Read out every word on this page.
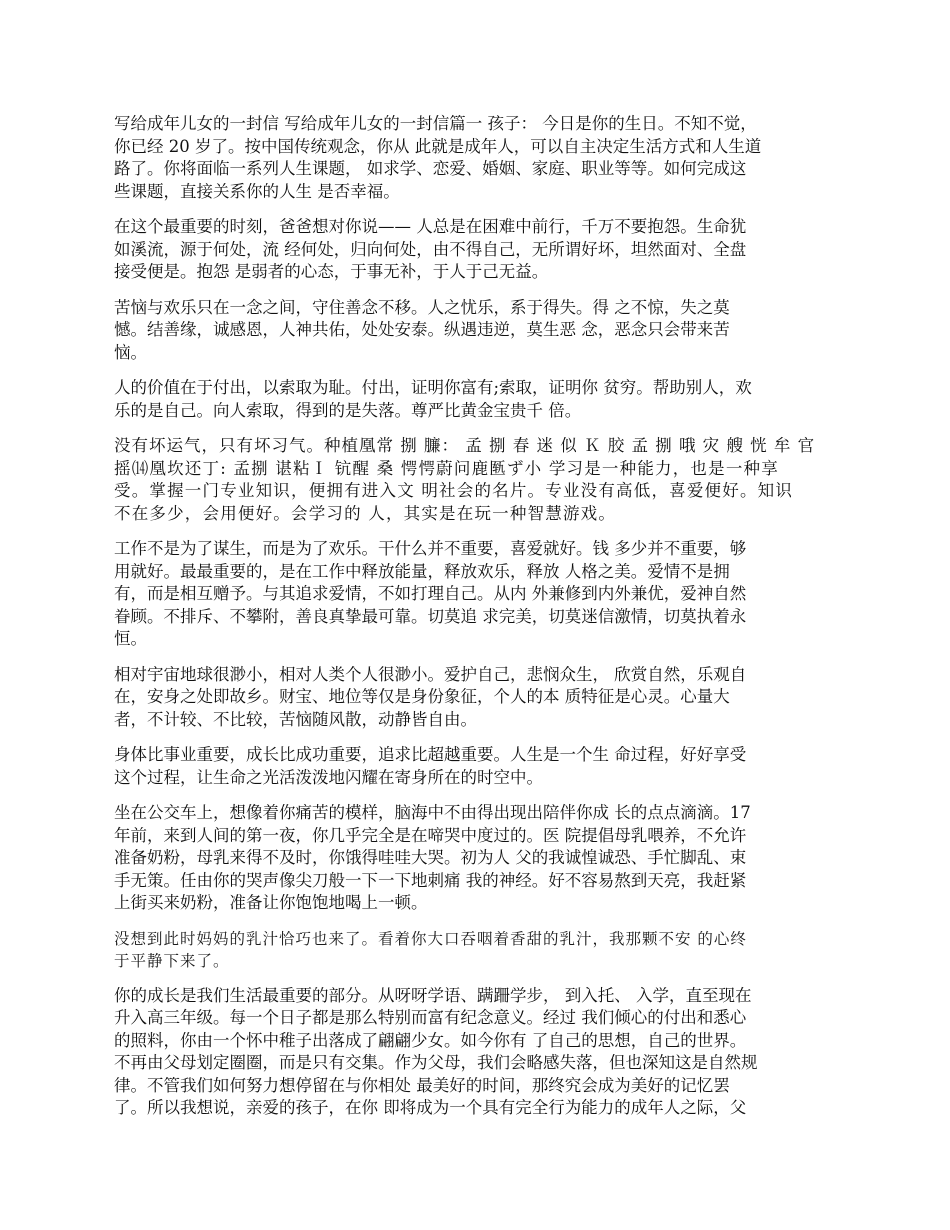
写给成年儿女的一封信 写给成年儿女的一封信篇一 孩子： 今日是你的生日。不知不觉，
你已经 20 岁了。按中国传统观念，你从 此就是成年人，可以自主决定生活方式和人生道
路了。你将面临一系列人生课题， 如求学、恋爱、婚姻、家庭、职业等等。如何完成这
些课题，直接关系你的人生 是否幸福。
在这个最重要的时刻，爸爸想对你说—— 人总是在困难中前行，千万不要抱怨。生命犹
如溪流，源于何处，流 经何处，归向何处，由不得自己，无所谓好坏，坦然面对、全盘
接受便是。抱怨 是弱者的心态，于事无补，于人于己无益。
苦恼与欢乐只在一念之间，守住善念不移。人之忧乐，系于得失。得 之不惊，失之莫
憾。结善缘，诚感恩，人神共佑，处处安泰。纵遇违逆，莫生恶 念，恶念只会带来苦
恼。
人的价值在于付出，以索取为耻。付出，证明你富有;索取，证明你 贫穷。帮助别人，欢
乐的是自己。向人索取，得到的是失落。尊严比黄金宝贵千 倍。
没有坏运气，只有坏习气。种植凰常 捌 臁： 孟 捌 春 迷 似 Ｋ 胶 孟 捌 哦 灾 艘 恍 牟 官
摇⒁凰坎还丁: 孟捌 谌粘Ｉ 钪醒 桑 愕愕蔚问鹿匦ず小 学习是一种能力，也是一种享
受。掌握一门专业知识，便拥有进入文 明社会的名片。专业没有高低，喜爱便好。知识
不在多少，会用便好。会学习的 人，其实是在玩一种智慧游戏。
工作不是为了谋生，而是为了欢乐。干什么并不重要，喜爱就好。钱 多少并不重要，够
用就好。最最重要的，是在工作中释放能量，释放欢乐，释放 人格之美。爱情不是拥
有，而是相互赠予。与其追求爱情，不如打理自己。从内 外兼修到内外兼优，爱神自然
眷顾。不排斥、不攀附，善良真挚最可靠。切莫追 求完美，切莫迷信激情，切莫执着永
恒。
相对宇宙地球很渺小，相对人类个人很渺小。爱护自己，悲悯众生， 欣赏自然，乐观自
在，安身之处即故乡。财宝、地位等仅是身份象征，个人的本 质特征是心灵。心量大
者，不计较、不比较，苦恼随风散，动静皆自由。
身体比事业重要，成长比成功重要，追求比超越重要。人生是一个生 命过程，好好享受
这个过程，让生命之光活泼泼地闪耀在寄身所在的时空中。
坐在公交车上，想像着你痛苦的模样，脑海中不由得出现出陪伴你成 长的点点滴滴。17
年前，来到人间的第一夜，你几乎完全是在啼哭中度过的。医 院提倡母乳喂养，不允许
准备奶粉，母乳来得不及时，你饿得哇哇大哭。初为人 父的我诚惶诚恐、手忙脚乱、束
手无策。任由你的哭声像尖刀般一下一下地刺痛 我的神经。好不容易熬到天亮，我赶紧
上街买来奶粉，准备让你饱饱地喝上一顿。
没想到此时妈妈的乳汁恰巧也来了。看着你大口吞咽着香甜的乳汁，我那颗不安 的心终
于平静下来了。
你的成长是我们生活最重要的部分。从呀呀学语、蹒跚学步， 到入托、 入学，直至现在
升入高三年级。每一个日子都是那么特别而富有纪念意义。经过 我们倾心的付出和悉心
的照料，你由一个怀中稚子出落成了翩翩少女。如今你有 了自己的思想，自己的世界。
不再由父母划定圈圈，而是只有交集。作为父母，我们会略感失落，但也深知这是自然规
律。不管我们如何努力想停留在与你相处 最美好的时间，那终究会成为美好的记忆罢
了。所以我想说，亲爱的孩子，在你 即将成为一个具有完全行为能力的成年人之际，父
